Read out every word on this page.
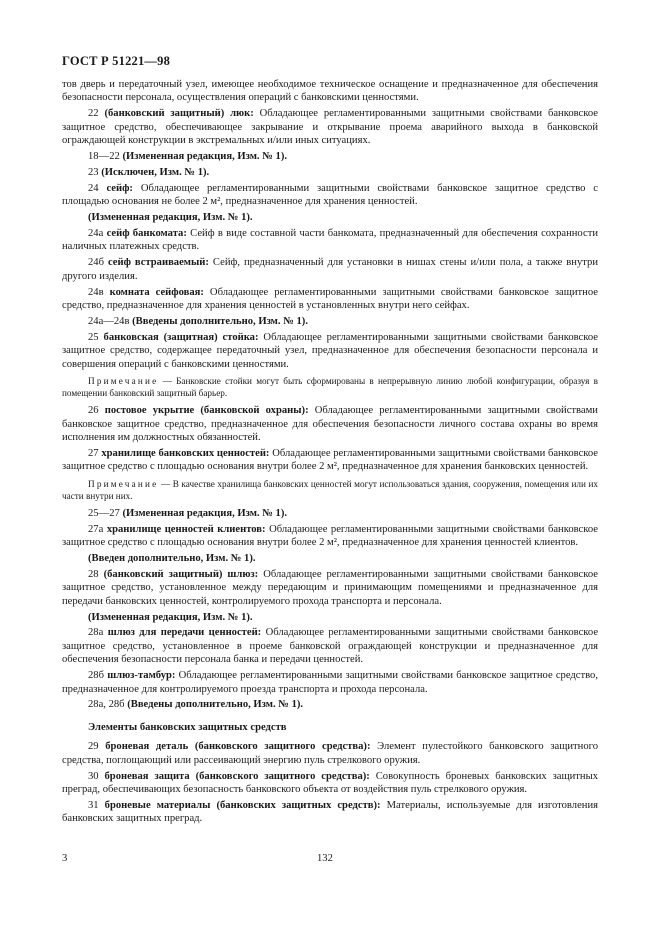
ГОСТ Р 51221—98

тов дверь и передаточный узел, имеющее необходимое техническое оснащение и предназначенное для обеспечения безопасности персонала, осуществления операций с банковскими ценностями.

22 (банковский защитный) люк: Обладающее регламентированными защитными свойствами банковское защитное средство, обеспечивающее закрывание и открывание проема аварийного выхода в банковской ограждающей конструкции в экстремальных и/или иных ситуациях.

18—22 (Измененная редакция, Изм. № 1).

23 (Исключен, Изм. № 1).

24 сейф: Обладающее регламентированными защитными свойствами банковское защитное средство с площадью основания не более 2 м², предназначенное для хранения ценностей.

(Измененная редакция, Изм. № 1).

24а сейф банкомата: Сейф в виде составной части банкомата, предназначенный для обеспечения сохранности наличных платежных средств.

24б сейф встраиваемый: Сейф, предназначенный для установки в нишах стены и/или пола, а также внутри другого изделия.

24в комната сейфовая: Обладающее регламентированными защитными свойствами банковское защитное средство, предназначенное для хранения ценностей в установленных внутри него сейфах.

24а—24в (Введены дополнительно, Изм. № 1).

25 банковская (защитная) стойка: Обладающее регламентированными защитными свойствами банковское защитное средство, содержащее передаточный узел, предназначенное для обеспечения безопасности персонала и совершения операций с банковскими ценностями.

Примечание — Банковские стойки могут быть сформированы в непрерывную линию любой конфигурации, образуя в помещении банковский защитный барьер.

26 постовое укрытие (банковской охраны): Обладающее регламентированными защитными свойствами банковское защитное средство, предназначенное для обеспечения безопасности личного состава охраны во время исполнения им должностных обязанностей.

27 хранилище банковских ценностей: Обладающее регламентированными защитными свойствами банковское защитное средство с площадью основания внутри более 2 м², предназначенное для хранения банковских ценностей.

Примечание — В качестве хранилища банковских ценностей могут использоваться здания, сооружения, помещения или их части внутри них.

25—27 (Измененная редакция, Изм. № 1).

27а хранилище ценностей клиентов: Обладающее регламентированными защитными свойствами банковское защитное средство с площадью основания внутри более 2 м², предназначенное для хранения ценностей клиентов.

(Введен дополнительно, Изм. № 1).

28 (банковский защитный) шлюз: Обладающее регламентированными защитными свойствами банковское защитное средство, установленное между передающим и принимающим помещениями и предназначенное для передачи банковских ценностей, контролируемого прохода транспорта и персонала.

(Измененная редакция, Изм. № 1).

28а шлюз для передачи ценностей: Обладающее регламентированными защитными свойствами банковское защитное средство, установленное в проеме банковской ограждающей конструкции и предназначенное для обеспечения безопасности персонала банка и передачи ценностей.

28б шлюз-тамбур: Обладающее регламентированными защитными свойствами банковское защитное средство, предназначенное для контролируемого проезда транспорта и прохода персонала.

28а, 28б (Введены дополнительно, Изм. № 1).

Элементы банковских защитных средств

29 броневая деталь (банковского защитного средства): Элемент пулестойкого банковского защитного средства, поглощающий или рассеивающий энергию пуль стрелкового оружия.

30 броневая защита (банковского защитного средства): Совокупность броневых банковских защитных преград, обеспечивающих безопасность банковского объекта от воздействия пуль стрелкового оружия.

31 броневые материалы (банковских защитных средств): Материалы, используемые для изготовления банковских защитных преград.

3	132
